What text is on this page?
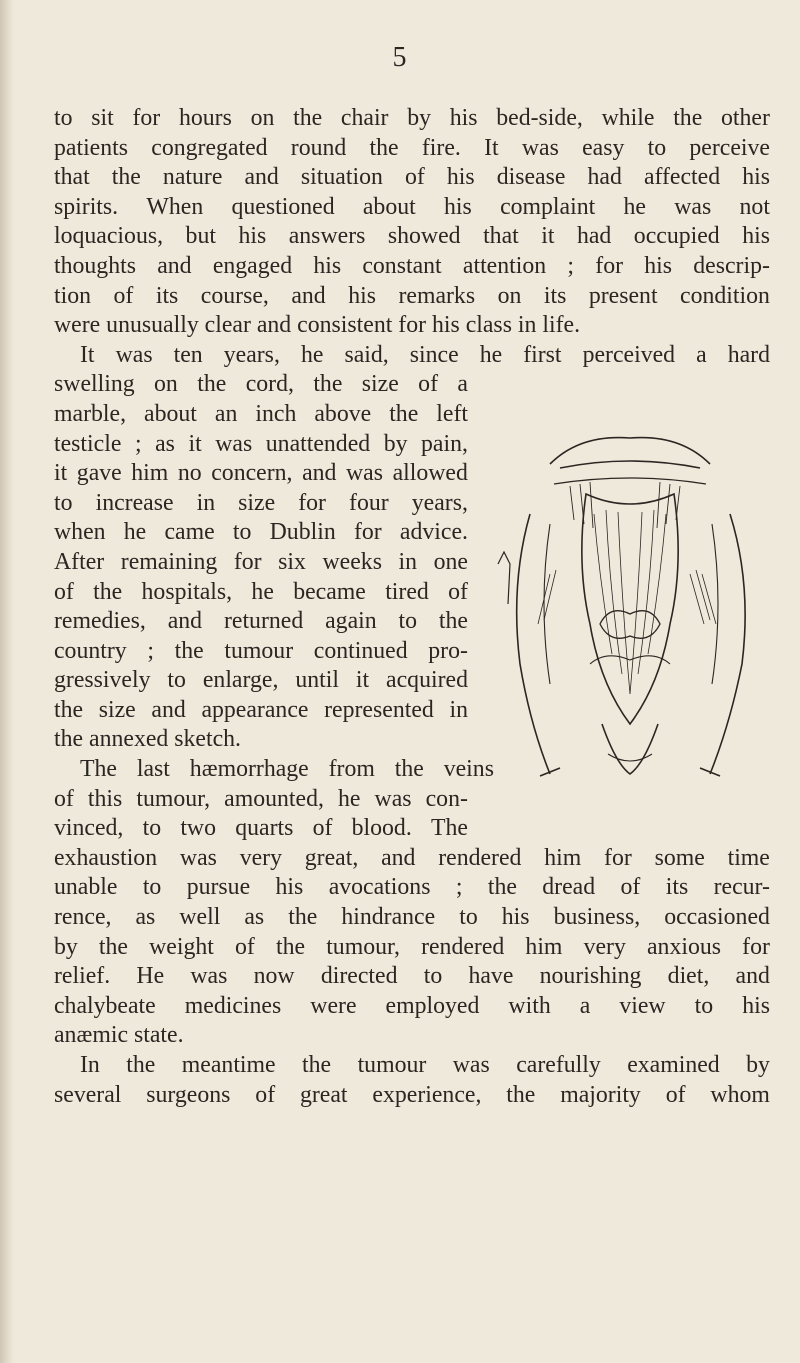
5
to sit for hours on the chair by his bed-side, while the other
patients congregated round the fire. It was easy to perceive
that the nature and situation of his disease had affected his
spirits. When questioned about his complaint he was not
loquacious, but his answers showed that it had occupied his
thoughts and engaged his constant attention ; for his descrip-
tion of its course, and his remarks on its present condition
were unusually clear and consistent for his class in life.
It was ten years, he said, since he first perceived a hard
swelling on the cord, the size of a
marble, about an inch above the left
testicle ; as it was unattended by pain,
it gave him no concern, and was allowed
to increase in size for four years,
when he came to Dublin for advice.
After remaining for six weeks in one
of the hospitals, he became tired of
remedies, and returned again to the
country ; the tumour continued pro-
gressively to enlarge, until it acquired
the size and appearance represented in
the annexed sketch.
The last hæmorrhage from the veins
of this tumour, amounted, he was con-
vinced, to two quarts of blood. The
exhaustion was very great, and rendered him for some time
unable to pursue his avocations ; the dread of its recur-
rence, as well as the hindrance to his business, occasioned
by the weight of the tumour, rendered him very anxious for
relief. He was now directed to have nourishing diet, and
chalybeate medicines were employed with a view to his
anæmic state.
In the meantime the tumour was carefully examined by
several surgeons of great experience, the majority of whom
